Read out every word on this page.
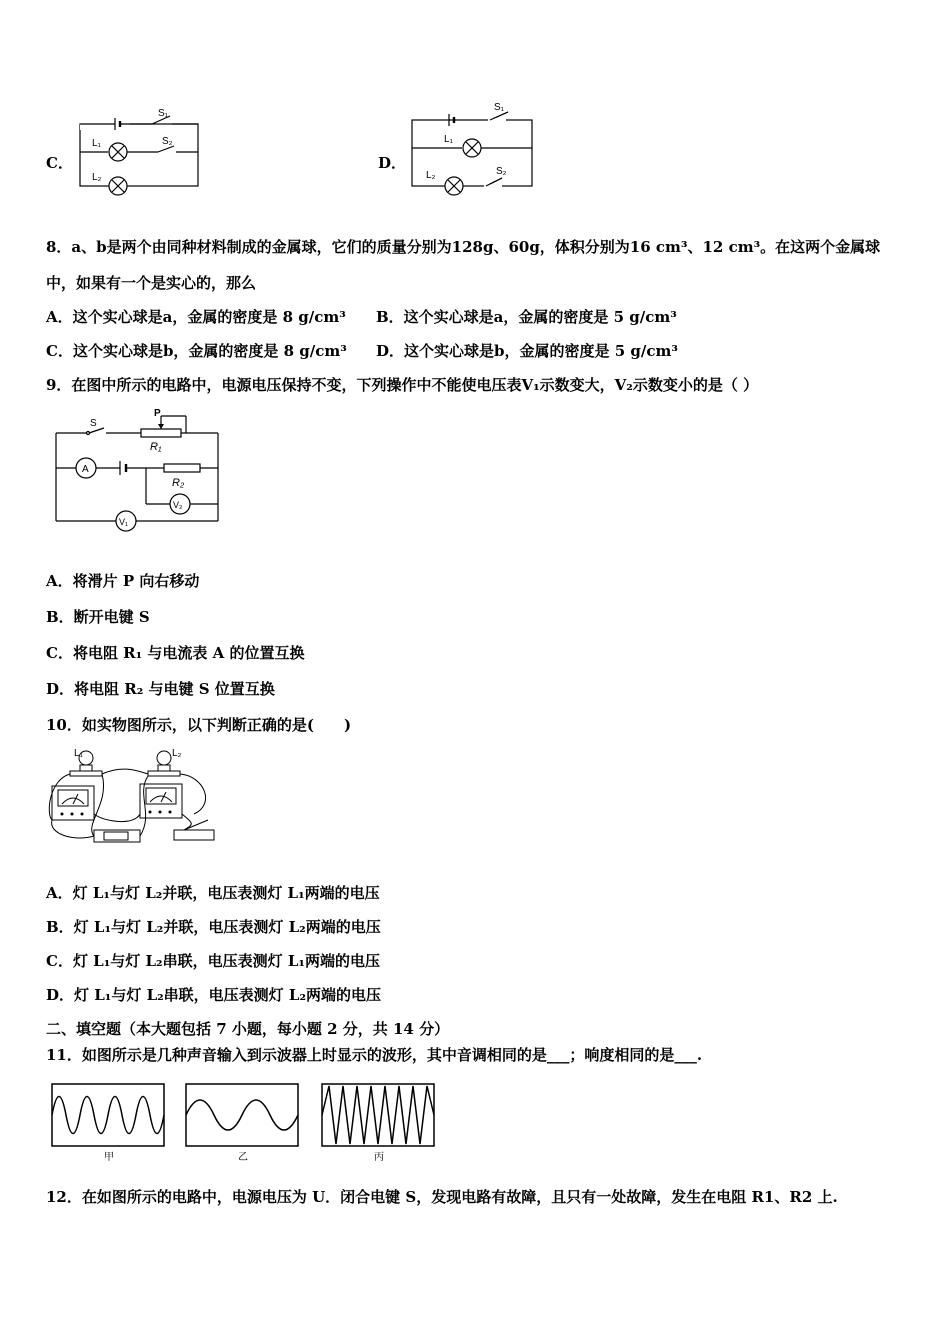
C．
S₁
S₂
L₁
L₂
D．
S₁
S₂
L₁
L₂
8．a、b是两个由同种材料制成的金属球，它们的质量分别为128g、60g，体积分别为16 cm³、12 cm³。在这两个金属球
中，如果有一个是实心的，那么
A．这个实心球是a，金属的密度是 8 g/cm³ B．这个实心球是a，金属的密度是 5 g/cm³
C．这个实心球是b，金属的密度是 8 g/cm³ D．这个实心球是b，金属的密度是 5 g/cm³
9．在图中所示的电路中，电源电压保持不变，下列操作中不能使电压表V₁示数变大，V₂示数变小的是（ ）
S
P
R₁
R₂
A
V₂
V₁
A．将滑片 P 向右移动
B．断开电键 S
C．将电阻 R₁ 与电流表 A 的位置互换
D．将电阻 R₂ 与电键 S 位置互换
10．如实物图所示，以下判断正确的是(　　)
L₁	L₂
A．灯 L₁与灯 L₂并联，电压表测灯 L₁两端的电压
B．灯 L₁与灯 L₂并联，电压表测灯 L₂两端的电压
C．灯 L₁与灯 L₂串联，电压表测灯 L₁两端的电压
D．灯 L₁与灯 L₂串联，电压表测灯 L₂两端的电压
二、填空题（本大题包括 7 小题，每小题 2 分，共 14 分）
11．如图所示是几种声音输入到示波器上时显示的波形，其中音调相同的是___；响度相同的是___.
甲	乙	丙
12．在如图所示的电路中，电源电压为 U．闭合电键 S，发现电路有故障，且只有一处故障，发生在电阻 R1、R2 上.
